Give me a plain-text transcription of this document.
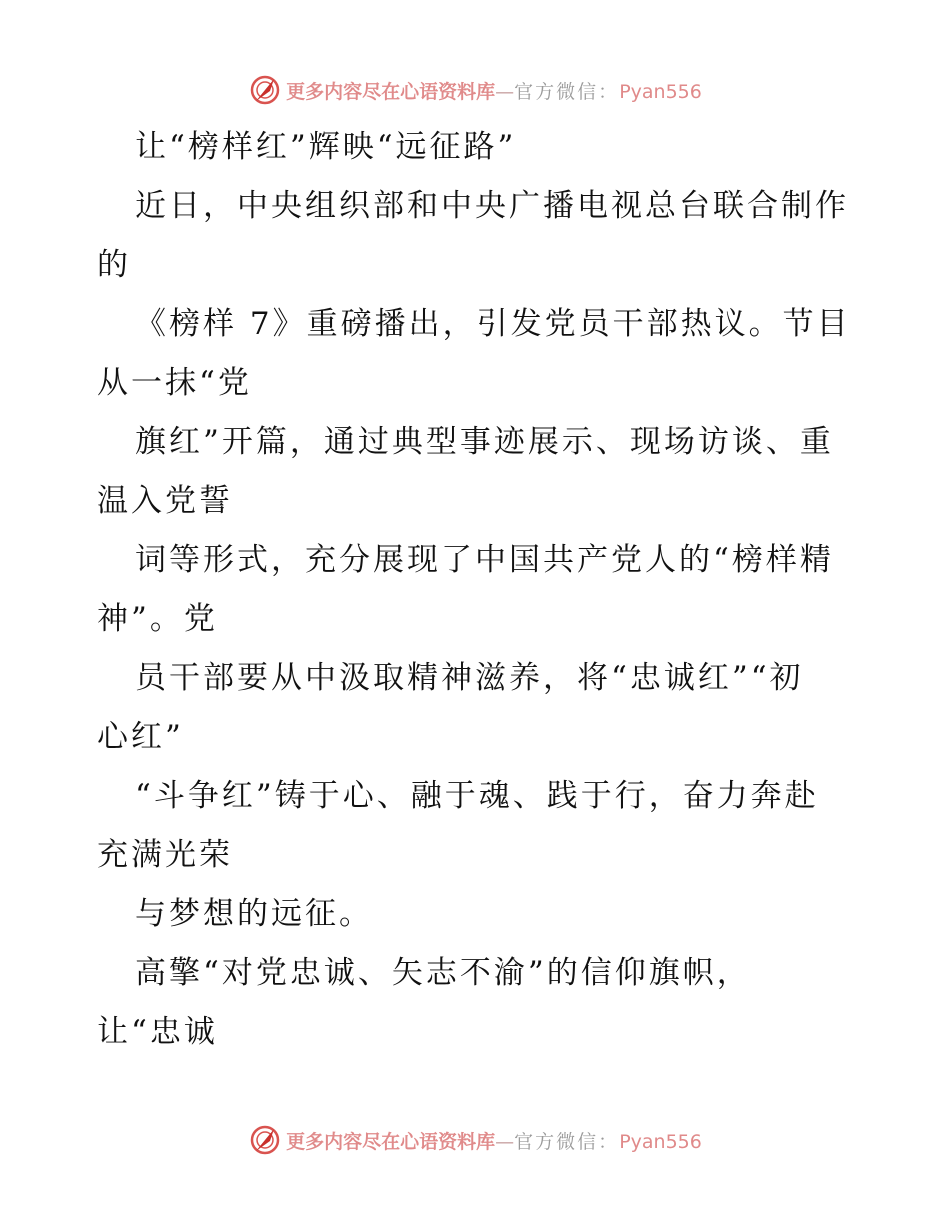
更多内容尽在心语资料库—官方微信：Pyan556
让“榜样红”辉映“远征路”
近日，中央组织部和中央广播电视总台联合制作
的
《榜样 7》重磅播出，引发党员干部热议。节目
从一抹“党
旗红”开篇，通过典型事迹展示、现场访谈、重
温入党誓
词等形式，充分展现了中国共产党人的“榜样精
神”。党
员干部要从中汲取精神滋养，将“忠诚红”“初
心红”
“斗争红”铸于心、融于魂、践于行，奋力奔赴
充满光荣
与梦想的远征。
高擎“对党忠诚、矢志不渝”的信仰旗帜，
让“忠诚
更多内容尽在心语资料库—官方微信：Pyan556
